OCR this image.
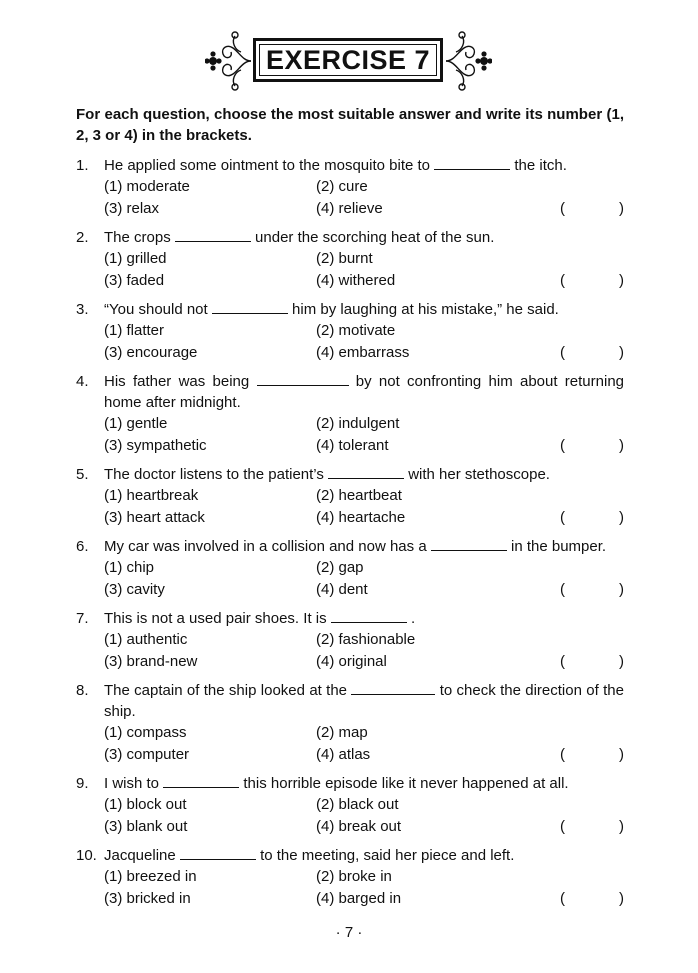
EXERCISE 7
For each question, choose the most suitable answer and write its number (1, 2, 3 or 4) in the brackets.
1.	He applied some ointment to the mosquito bite to	the itch.
(1) moderate	(2) cure
(3) relax	(4) relieve	(	)
2.	The crops	under the scorching heat of the sun.
(1) grilled	(2) burnt
(3) faded	(4) withered	(	)
3.	“You should not	him by laughing at his mistake,” he said.
(1) flatter	(2) motivate
(3) encourage	(4) embarrass	(	)
4.	His father was being	by not confronting him about returning home after midnight.
(1) gentle	(2) indulgent
(3) sympathetic	(4) tolerant	(	)
5.	The doctor listens to the patient’s	with her stethoscope.
(1) heartbreak	(2) heartbeat
(3) heart attack	(4) heartache	(	)
6.	My car was involved in a collision and now has a	in the bumper.
(1) chip	(2) gap
(3) cavity	(4) dent	(	)
7.	This is not a used pair shoes. It is	.
(1) authentic	(2) fashionable
(3) brand-new	(4) original	(	)
8.	The captain of the ship looked at the	to check the direction of the ship.
(1) compass	(2) map
(3) computer	(4) atlas	(	)
9.	I wish to	this horrible episode like it never happened at all.
(1) block out	(2) black out
(3) blank out	(4) break out	(	)
10. Jacqueline	to the meeting, said her piece and left.
(1) breezed in	(2) broke in
(3) bricked in	(4) barged in	(	)
· 7 ·
